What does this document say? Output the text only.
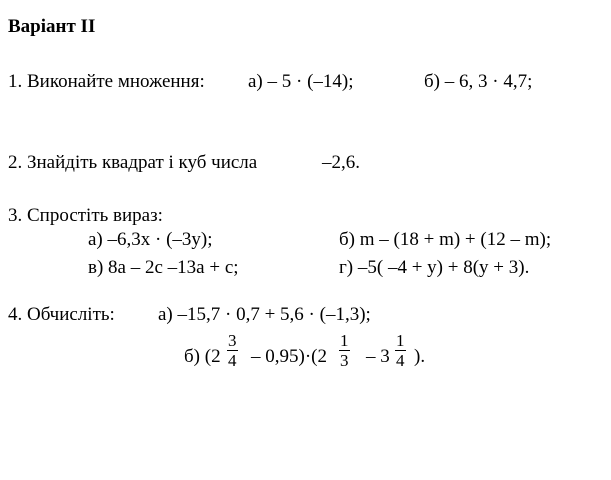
Варіант ІІ
1. Виконайте множення: а) – 5 · (–14);	б) – 6, 3 · 4,7;
2. Знайдіть квадрат і куб числа	–2,6.
3. Спростіть вираз:
а) –6,3x · (–3y);	б) m – (18 + m) + (12 – m);
в) 8a – 2c –13a + c;	г) –5( –4 + y) + 8(y + 3).
4. Обчисліть: а) –15,7 · 0,7 + 5,6 · (–1,3);
б) (2
3
4 – 0,95)·(2
1
3 – 3
1
4 ).
